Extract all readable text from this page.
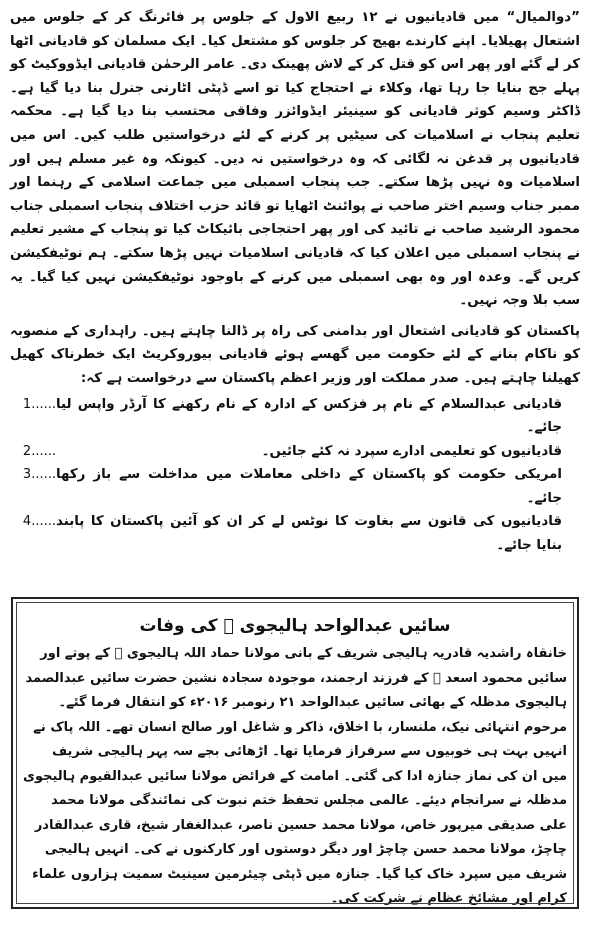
”دوالمیال“ میں قادیانیوں نے ۱۲ ربیع الاول کے جلوس پر فائرنگ کر کے جلوس میں اشتعال پھیلایا۔ اپنے کارندے بھیج کر جلوس کو مشتعل کیا۔ ایک مسلمان کو قادیانی اٹھا کر لے گئے اور پھر اس کو قتل کر کے لاش پھینک دی۔ عامر الرحمٰن قادیانی ایڈووکیٹ کو پہلے جج بنایا جا رہا تھا، وکلاء نے احتجاج کیا تو اسے ڈپٹی اٹارنی جنرل بنا دیا گیا ہے۔ ڈاکٹر وسیم کوثر قادیانی کو سینیئر ایڈوائزر وفاقی محتسب بنا دیا گیا ہے۔ محکمہ تعلیم پنجاب نے اسلامیات کی سیٹیں پر کرنے کے لئے درخواستیں طلب کیں۔ اس میں قادیانیوں پر قدغن نہ لگائی کہ وہ درخواستیں نہ دیں۔ کیونکہ وہ غیر مسلم ہیں اور اسلامیات وہ نہیں پڑھا سکتے۔ جب پنجاب اسمبلی میں جماعت اسلامی کے رہنما اور ممبر جناب وسیم اختر صاحب نے پوائنٹ اٹھایا تو قائد حزب اختلاف پنجاب اسمبلی جناب محمود الرشید صاحب نے تائید کی اور پھر احتجاجی بائیکاٹ کیا تو پنجاب کے مشیر تعلیم نے پنجاب اسمبلی میں اعلان کیا کہ قادیانی اسلامیات نہیں پڑھا سکتے۔ ہم نوٹیفکیشن کریں گے۔ وعدہ اور وہ بھی اسمبلی میں کرنے کے باوجود نوٹیفکیشن نہیں کیا گیا۔ یہ سب بلا وجہ نہیں۔

پاکستان کو قادیانی اشتعال اور بدامنی کی راہ پر ڈالنا چاہتے ہیں۔ راہداری کے منصوبہ کو ناکام بنانے کے لئے حکومت میں گھسے ہوئے قادیانی بیوروکریٹ ایک خطرناک کھیل کھیلنا چاہتے ہیں۔ صدر مملکت اور وزیر اعظم پاکستان سے درخواست ہے کہ:

قادیانی عبدالسلام کے نام پر فزکس کے ادارہ کے نام رکھنے کا آرڈر واپس لیا جائے۔
1......
قادیانیوں کو تعلیمی ادارے سپرد نہ کئے جائیں۔
2......
امریکی حکومت کو پاکستان کے داخلی معاملات میں مداخلت سے باز رکھا جائے۔
3......
قادیانیوں کی قانون سے بغاوت کا نوٹس لے کر ان کو آئین پاکستان کا پابند بنایا جائے۔
4......
سائیں عبدالواحد ہالیجوی ﷫ کی وفات

خانقاہ راشدیہ قادریہ ہالیجی شریف کے بانی مولانا حماد اللہ ہالیجوی ﷫ کے پوتے اور سائیں محمود اسعد ﷫ کے فرزند ارجمند، موجودہ سجادہ نشین حضرت سائیں عبدالصمد ہالیجوی مدظلہ کے بھائی سائیں عبدالواحد ۲۱ رنومبر ۲۰۱۶ء کو انتقال فرما گئے۔ مرحوم انتہائی نیک، ملنسار، با اخلاق، ذاکر و شاغل اور صالح انسان تھے۔ اللہ پاک نے انہیں بہت ہی خوبیوں سے سرفراز فرمایا تھا۔ اڑھائی بجے سہ پہر ہالیجی شریف میں ان کی نماز جنازہ ادا کی گئی۔ امامت کے فرائض مولانا سائیں عبدالقیوم ہالیجوی مدظلہ نے سرانجام دیئے۔ عالمی مجلس تحفظ ختم نبوت کی نمائندگی مولانا محمد علی صدیقی میرپور خاص، مولانا محمد حسین ناصر، عبدالغفار شیخ، قاری عبدالقادر چاچڑ، مولانا محمد حسن چاچڑ اور دیگر دوستوں اور کارکنوں نے کی۔ انہیں ہالیجی شریف میں سپرد خاک کیا گیا۔ جنازہ میں ڈپٹی چیئرمین سینیٹ سمیت ہزاروں علماء کرام اور مشائخ عظام نے شرکت کی۔
